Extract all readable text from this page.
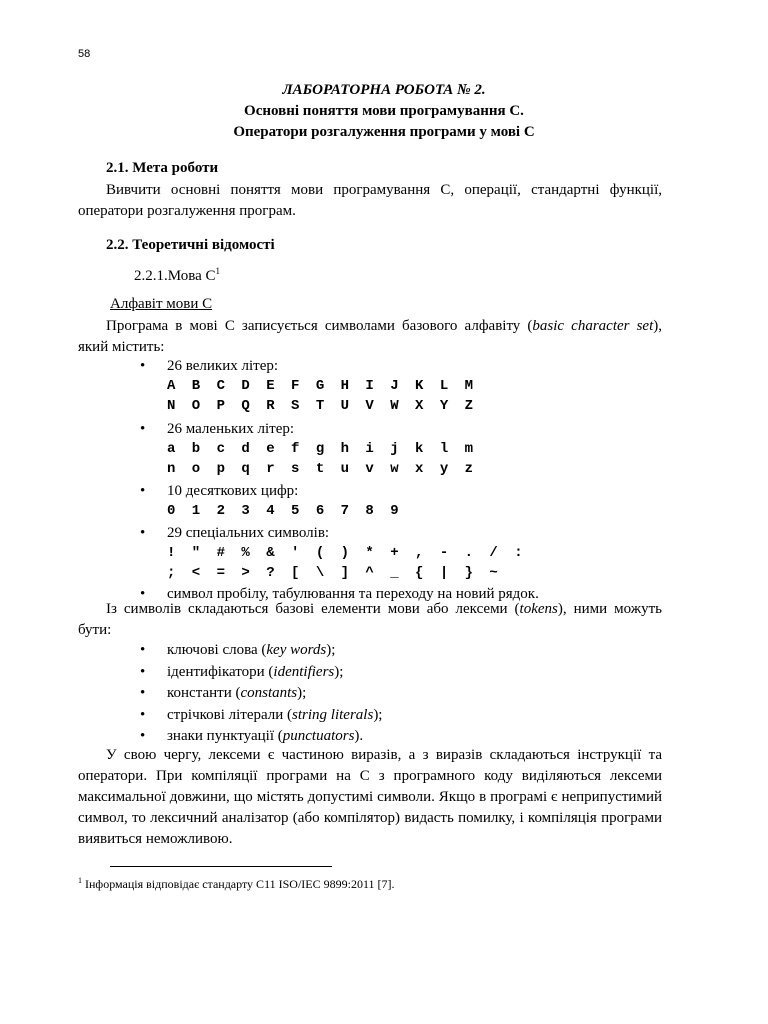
58
ЛАБОРАТОРНА РОБОТА № 2.
Основні поняття мови програмування С.
Оператори розгалуження програми у мові С
2.1. Мета роботи
Вивчити основні поняття мови програмування С, операції, стандартні функції, оператори розгалуження програм.
2.2. Теоретичні відомості
2.2.1.Мова $С^1$
Алфавіт мови С
Програма в мові С записується символами базового алфавіту (basic character set), який містить:
• 26 великих літер:
A B C D E F G H I J K L M
N O P Q R S T U V W X Y Z
• 26 маленьких літер:
a b c d e f g h i j k l m
n o p q r s t u v w x y z
• 10 десяткових цифр:
0 1 2 3 4 5 6 7 8 9
• 29 спеціальних символів:
! " # % & ' ( ) * + , - . / :
; < = > ? [ \ ] ^ _ { | } ~
• символ пробілу, табулювання та переходу на новий рядок.
Із символів складаються базові елементи мови або лексеми (tokens), ними можуть бути:
• ключові слова (key words);
• ідентифікатори (identifiers);
• константи (constants);
• стрічкові літерали (string literals);
• знаки пунктуації (punctuators).
У свою чергу, лексеми є частиною виразів, а з виразів складаються інструкції та оператори. При компіляції програми на С з програмного коду виділяються лексеми максимальної довжини, що містять допустимі символи. Якщо в програмі є неприпустимий символ, то лексичний аналізатор (або компілятор) видасть помилку, і компіляція програми виявиться неможливою.
$^1$ Інформація відповідає стандарту С11 ISO/IEC 9899:2011 [7].
